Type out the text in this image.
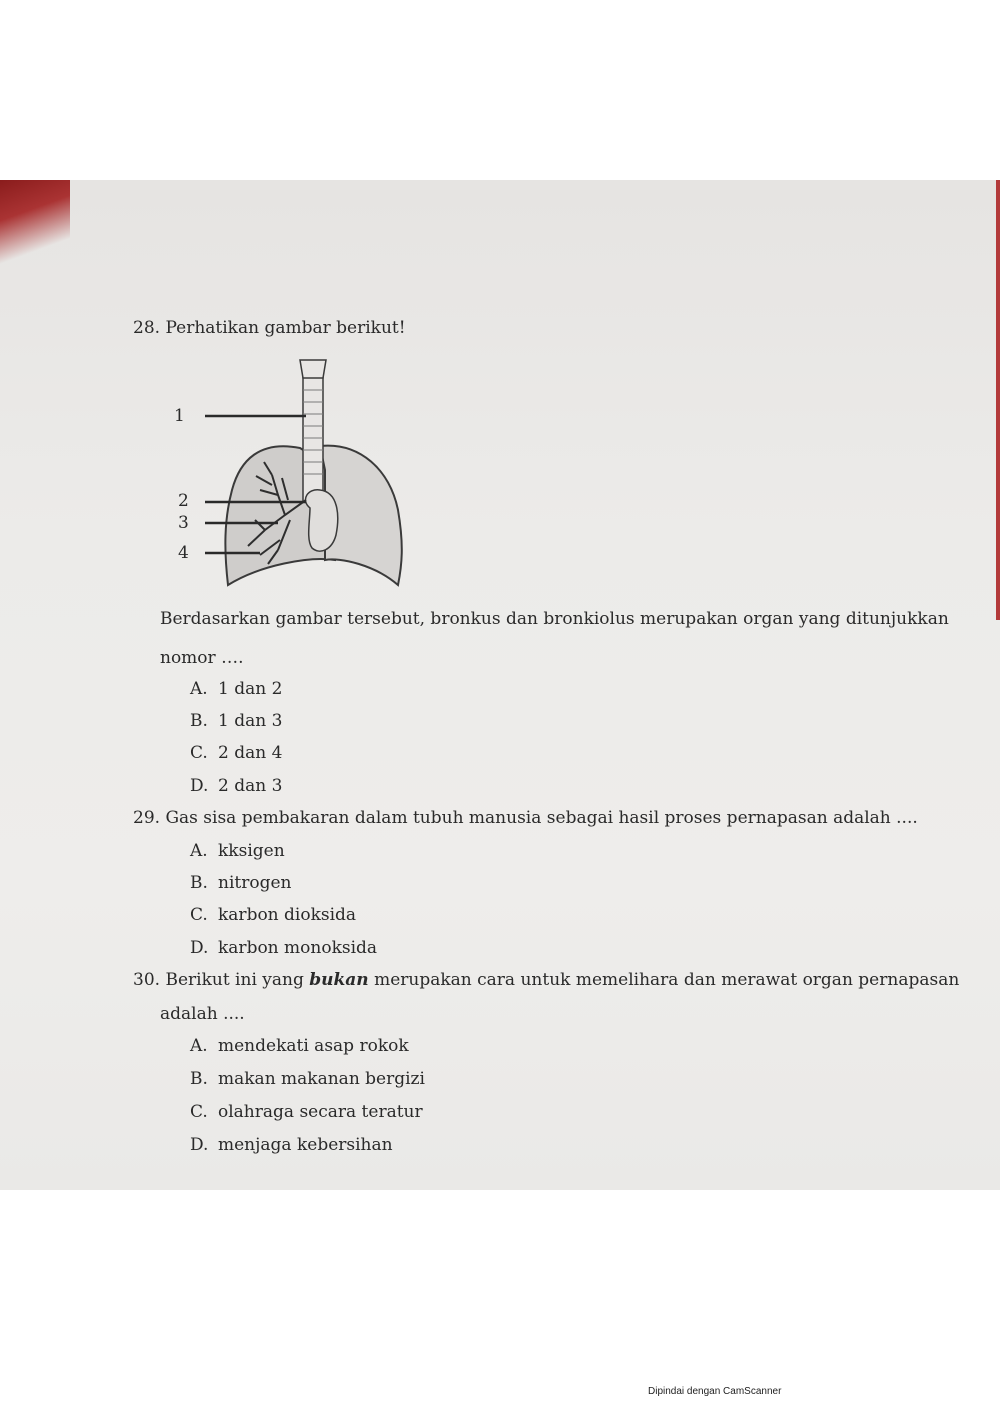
28. Perhatikan gambar berikut!
1
2
3
4
Berdasarkan gambar tersebut, bronkus dan bronkiolus merupakan organ yang ditunjukkan
nomor ….
A. 1 dan 2
B. 1 dan 3
C. 2 dan 4
D. 2 dan 3
29. Gas sisa pembakaran dalam tubuh manusia sebagai hasil proses pernapasan adalah ....
A. kksigen
B. nitrogen
C. karbon dioksida
D. karbon monoksida
30. Berikut ini yang bukan merupakan cara untuk memelihara dan merawat organ pernapasan
adalah ....
A. mendekati asap rokok
B. makan makanan bergizi
C. olahraga secara teratur
D. menjaga kebersihan
Dipindai dengan CamScanner
